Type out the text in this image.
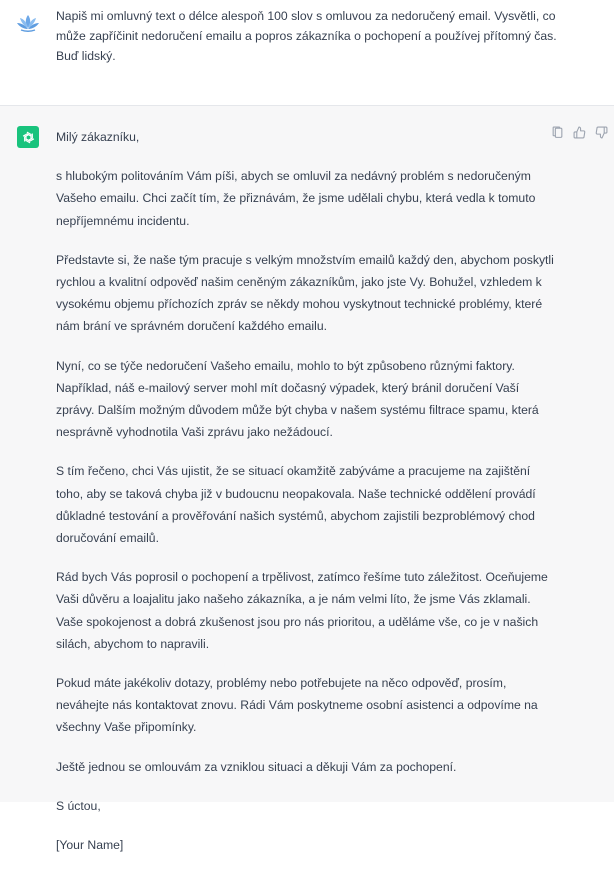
Napiš mi omluvný text o délce alespoň 100 slov s omluvou za nedoručený email. Vysvětli, co
může zapříčinit nedoručení emailu a popros zákazníka o pochopení a používej přítomný čas.
Buď lidský.

Milý zákazníku,

s hlubokým politováním Vám píši, abych se omluvil za nedávný problém s nedoručeným Vašeho emailu. Chci začít tím, že přiznávám, že jsme udělali chybu, která vedla k tomuto nepříjemnému incidentu.

Představte si, že naše tým pracuje s velkým množstvím emailů každý den, abychom poskytli rychlou a kvalitní odpověď našim ceněným zákazníkům, jako jste Vy. Bohužel, vzhledem k vysokému objemu příchozích zpráv se někdy mohou vyskytnout technické problémy, které nám brání ve správném doručení každého emailu.

Nyní, co se týče nedoručení Vašeho emailu, mohlo to být způsobeno různými faktory. Například, náš e-mailový server mohl mít dočasný výpadek, který bránil doručení Vaší zprávy. Dalším možným důvodem může být chyba v našem systému filtrace spamu, která nesprávně vyhodnotila Vaši zprávu jako nežádoucí.

S tím řečeno, chci Vás ujistit, že se situací okamžitě zabýváme a pracujeme na zajištění toho, aby se taková chyba již v budoucnu neopakovala. Naše technické oddělení provádí důkladné testování a prověřování našich systémů, abychom zajistili bezproblémový chod doručování emailů.

Rád bych Vás poprosil o pochopení a trpělivost, zatímco řešíme tuto záležitost. Oceňujeme Vaši důvěru a loajalitu jako našeho zákazníka, a je nám velmi líto, že jsme Vás zklamali. Vaše spokojenost a dobrá zkušenost jsou pro nás prioritou, a uděláme vše, co je v našich silách, abychom to napravili.

Pokud máte jakékoliv dotazy, problémy nebo potřebujete na něco odpověď, prosím, neváhejte nás kontaktovat znovu. Rádi Vám poskytneme osobní asistenci a odpovíme na všechny Vaše připomínky.

Ještě jednou se omlouvám za vzniklou situaci a děkuji Vám za pochopení.

S úctou,

[Your Name]
